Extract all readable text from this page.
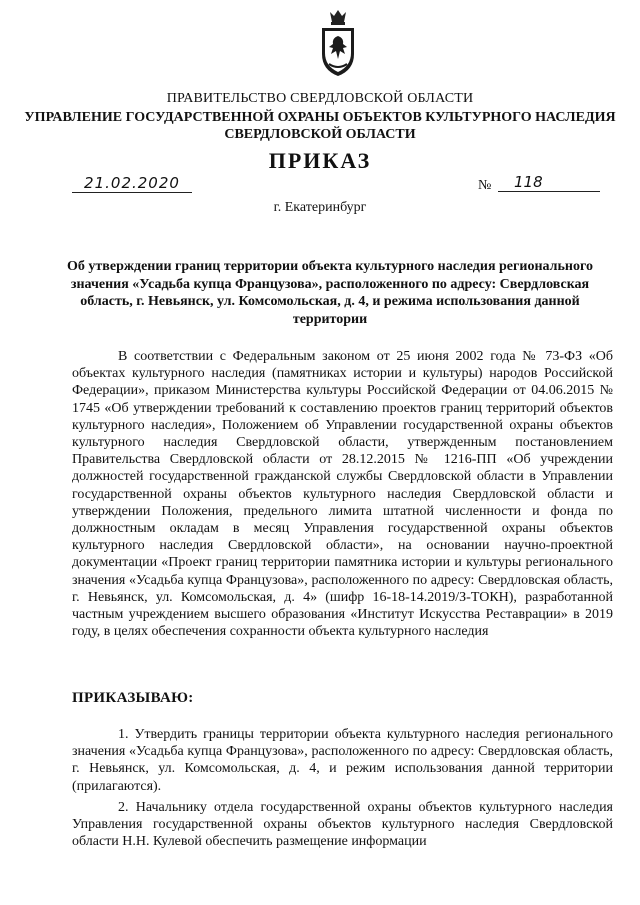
ПРАВИТЕЛЬСТВО СВЕРДЛОВСКОЙ ОБЛАСТИ
УПРАВЛЕНИЕ ГОСУДАРСТВЕННОЙ ОХРАНЫ ОБЪЕКТОВ КУЛЬТУРНОГО НАСЛЕДИЯ СВЕРДЛОВСКОЙ ОБЛАСТИ
ПРИКАЗ
21.02.2020	№	118
г. Екатеринбург
Об утверждении границ территории объекта культурного наследия регионального значения «Усадьба купца Французова», расположенного по адресу: Свердловская область, г. Невьянск, ул. Комсомольская, д. 4, и режима использования данной территории

В соответствии с Федеральным законом от 25 июня 2002 года № 73-ФЗ «Об объектах культурного наследия (памятниках истории и культуры) народов Российской Федерации», приказом Министерства культуры Российской Федерации от 04.06.2015 № 1745 «Об утверждении требований к составлению проектов границ территорий объектов культурного наследия», Положением об Управлении государственной охраны объектов культурного наследия Свердловской области, утвержденным постановлением Правительства Свердловской области от 28.12.2015 № 1216-ПП «Об учреждении должностей государственной гражданской службы Свердловской области в Управлении государственной охраны объектов культурного наследия Свердловской области и утверждении Положения, предельного лимита штатной численности и фонда по должностным окладам в месяц Управления государственной охраны объектов культурного наследия Свердловской области», на основании научно-проектной документации «Проект границ территории памятника истории и культуры регионального значения «Усадьба купца Французова», расположенного по адресу: Свердловская область, г. Невьянск, ул. Комсомольская, д. 4» (шифр 16-18-14.2019/З-ТОКН), разработанной частным учреждением высшего образования «Институт Искусства Реставрации» в 2019 году, в целях обеспечения сохранности объекта культурного наследия

ПРИКАЗЫВАЮ:

1. Утвердить границы территории объекта культурного наследия регионального значения «Усадьба купца Французова», расположенного по адресу: Свердловская область, г. Невьянск, ул. Комсомольская, д. 4, и режим использования данной территории (прилагаются).

2. Начальнику отдела государственной охраны объектов культурного наследия Управления государственной охраны объектов культурного наследия Свердловской области Н.Н. Кулевой обеспечить размещение информации
